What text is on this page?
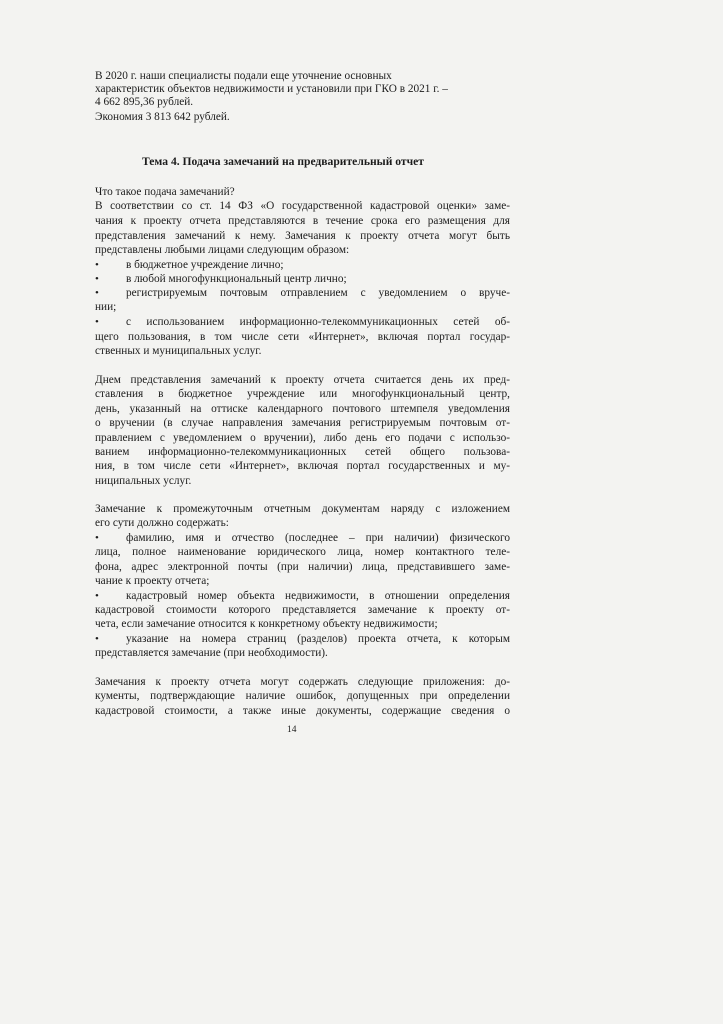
В 2020 г. наши специалисты подали еще уточнение основных

характеристик объектов недвижимости и установили при ГКО в 2021 г. –

4 662 895,36 рублей.

Экономия 3 813 642 рублей.

Тема 4. Подача замечаний на предварительный отчет

Что такое подача замечаний?

В соответствии со ст. 14 ФЗ «О государственной кадастровой оценки» заме-

чания к проекту отчета представляются в течение срока его размещения для

представления замечаний к нему. Замечания к проекту отчета могут быть

представлены любыми лицами следующим образом:

• в бюджетное учреждение лично;

• в любой многофункциональный центр лично;

• регистрируемым почтовым отправлением с уведомлением о вруче-

нии;

• с использованием информационно-телекоммуникационных сетей об-

щего пользования, в том числе сети «Интернет», включая портал государ-

ственных и муниципальных услуг.

Днем представления замечаний к проекту отчета считается день их пред-

ставления в бюджетное учреждение или многофункциональный центр,

день, указанный на оттиске календарного почтового штемпеля уведомления

о вручении (в случае направления замечания регистрируемым почтовым от-

правлением с уведомлением о вручении), либо день его подачи с использо-

ванием информационно-телекоммуникационных сетей общего пользова-

ния, в том числе сети «Интернет», включая портал государственных и му-

ниципальных услуг.

Замечание к промежуточным отчетным документам наряду с изложением

его сути должно содержать:

• фамилию, имя и отчество (последнее – при наличии) физического

лица, полное наименование юридического лица, номер контактного теле-

фона, адрес электронной почты (при наличии) лица, представившего заме-

чание к проекту отчета;

• кадастровый номер объекта недвижимости, в отношении определения

кадастровой стоимости которого представляется замечание к проекту от-

чета, если замечание относится к конкретному объекту недвижимости;

• указание на номера страниц (разделов) проекта отчета, к которым

представляется замечание (при необходимости).

Замечания к проекту отчета могут содержать следующие приложения: до-

кументы, подтверждающие наличие ошибок, допущенных при определении

кадастровой стоимости, а также иные документы, содержащие сведения о

14
